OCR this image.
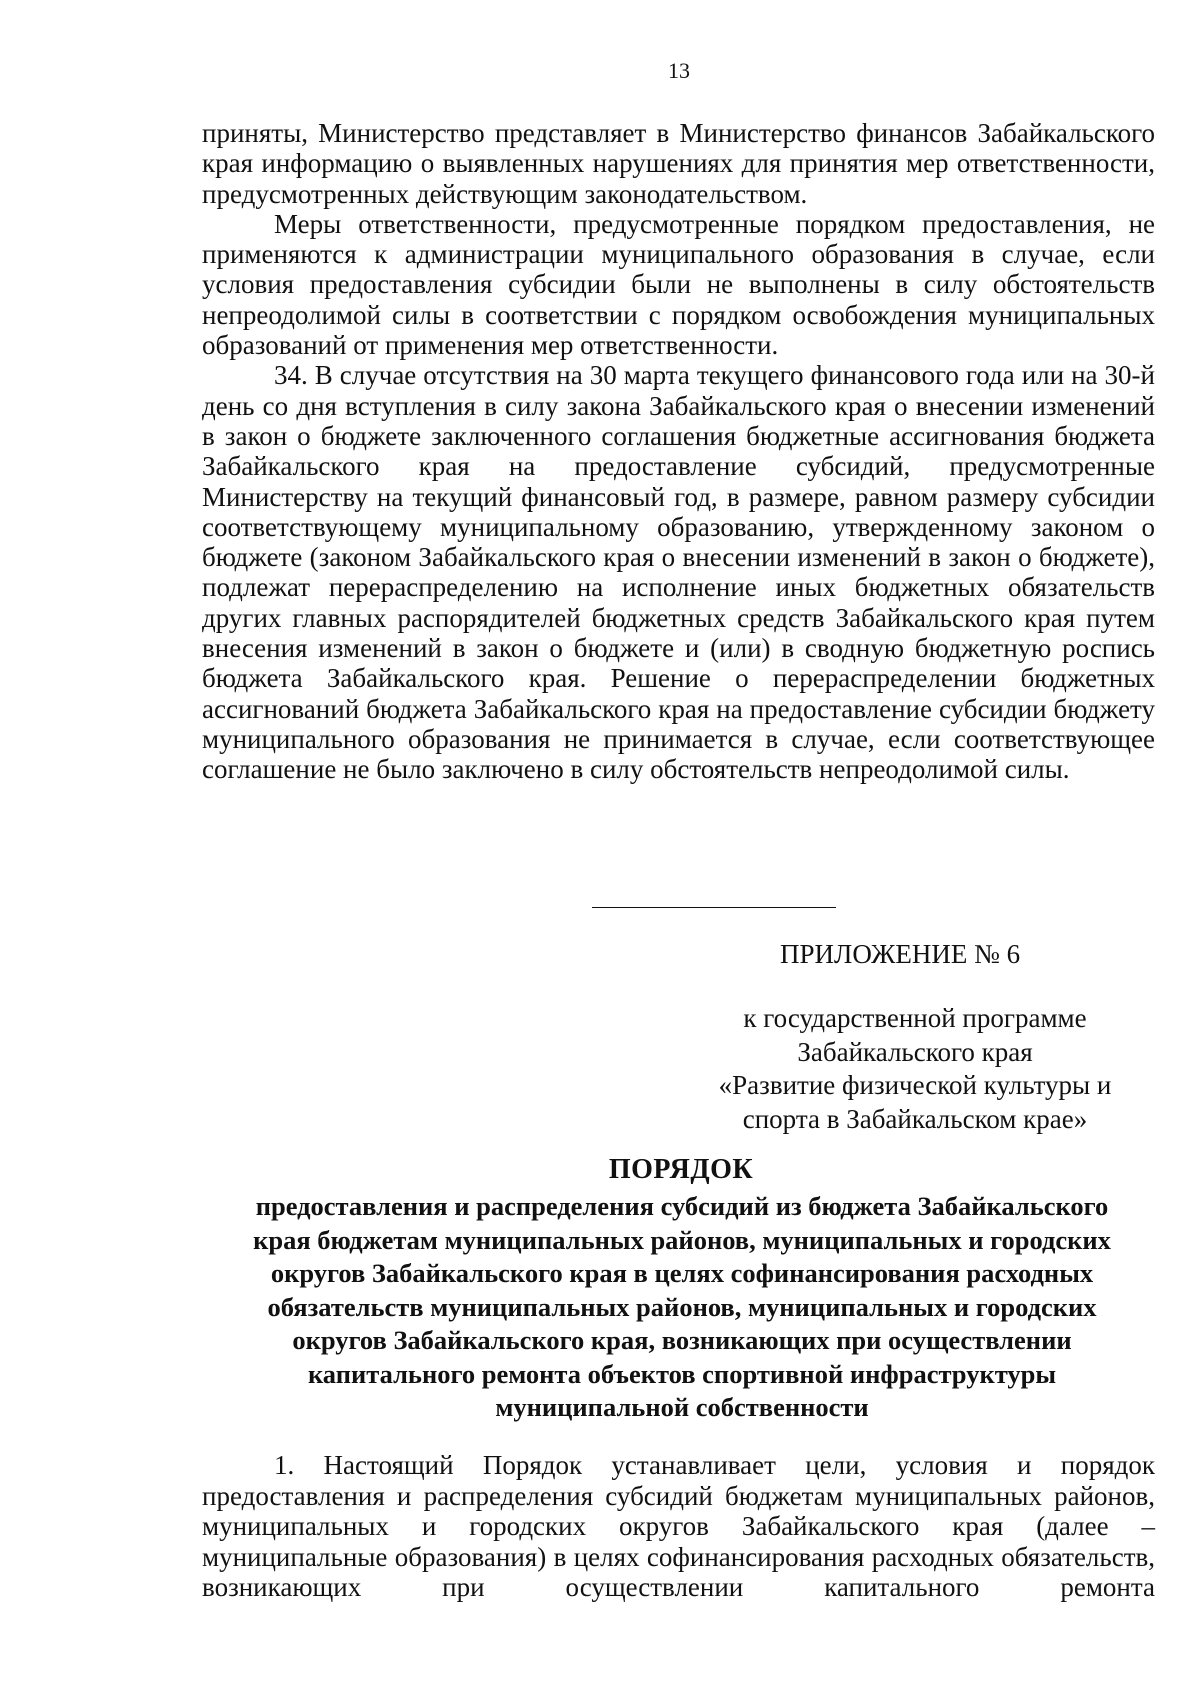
13

приняты, Министерство представляет в Министерство финансов Забайкальского края информацию о выявленных нарушениях для принятия мер ответственности, предусмотренных действующим законодательством.

Меры ответственности, предусмотренные порядком предоставления, не применяются к администрации муниципального образования в случае, если условия предоставления субсидии были не выполнены в силу обстоятельств непреодолимой силы в соответствии с порядком освобождения муниципальных образований от применения мер ответственности.

34. В случае отсутствия на 30 марта текущего финансового года или на 30-й день со дня вступления в силу закона Забайкальского края о внесении изменений в закон о бюджете заключенного соглашения бюджетные ассигнования бюджета Забайкальского края на предоставление субсидий, предусмотренные Министерству на текущий финансовый год, в размере, равном размеру субсидии соответствующему муниципальному образованию, утвержденному законом о бюджете (законом Забайкальского края о внесении изменений в закон о бюджете), подлежат перераспределению на исполнение иных бюджетных обязательств других главных распорядителей бюджетных средств Забайкальского края путем внесения изменений в закон о бюджете и (или) в сводную бюджетную роспись бюджета Забайкальского края. Решение о перераспределении бюджетных ассигнований бюджета Забайкальского края на предоставление субсидии бюджету муниципального образования не принимается в случае, если соответствующее соглашение не было заключено в силу обстоятельств непреодолимой силы.

ПРИЛОЖЕНИЕ № 6
к государственной программе
Забайкальского края
«Развитие физической культуры и
спорта в Забайкальском крае»
ПОРЯДОК
предоставления и распределения субсидий из бюджета Забайкальского
края бюджетам муниципальных районов, муниципальных и городских
округов Забайкальского края в целях софинансирования расходных
обязательств муниципальных районов, муниципальных и городских
округов Забайкальского края, возникающих при осуществлении
капитального ремонта объектов спортивной инфраструктуры
муниципальной собственности

1. Настоящий Порядок устанавливает цели, условия и порядок предоставления и распределения субсидий бюджетам муниципальных районов, муниципальных и городских округов Забайкальского края (далее – муниципальные образования) в целях софинансирования расходных обязательств, возникающих при осуществлении капитального ремонта
